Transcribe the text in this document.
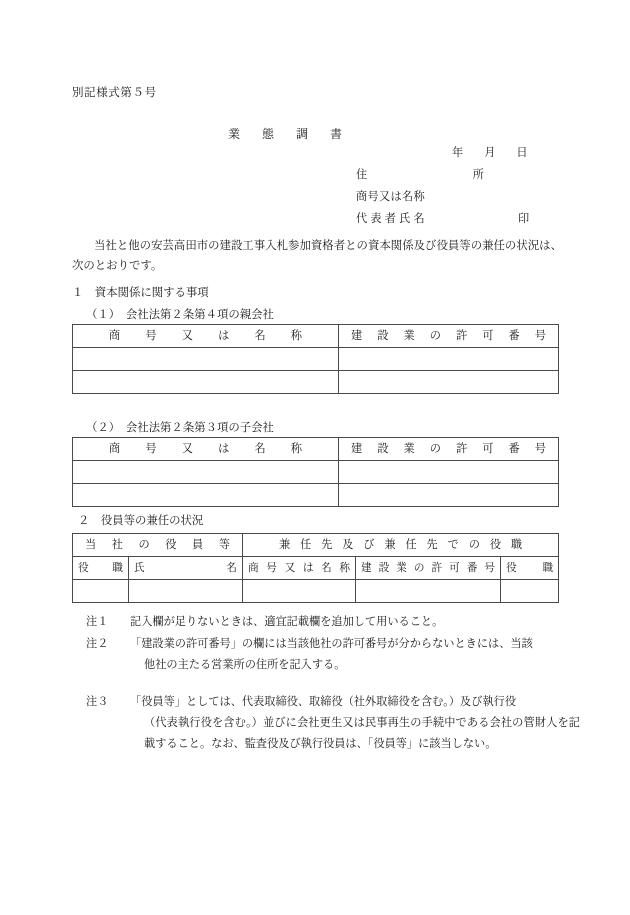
別記様式第５号
業態調書
年月日
住　　　所
商号又は名称
代表者氏名	印
当社と他の安芸高田市の建設工事入札参加資格者との資本関係及び役員等の兼任の状況は、次のとおりです。
１　資本関係に関する事項
（１）　会社法第２条第４項の親会社
商号又は名称	建設業の許可番号

（２）　会社法第２条第３項の子会社
商号又は名称	建設業の許可番号

２　役員等の兼任の状況
当社の役員等		兼任先及び兼任先での役職		

役職	氏名	商号又は名称	建設業の許可番号	役職

注１	記入欄が足りないときは、適宜記載欄を追加して用いること。
注２	「建設業の許可番号」の欄には当該他社の許可番号が分からないときには、当該
他社の主たる営業所の住所を記入する。
注３	「役員等」としては、代表取締役、取締役（社外取締役を含む。）及び執行役
（代表執行役を含む。）並びに会社更生又は民事再生の手続中である会社の管財人を記載すること。なお、監査役及び執行役員は、「役員等」に該当しない。
